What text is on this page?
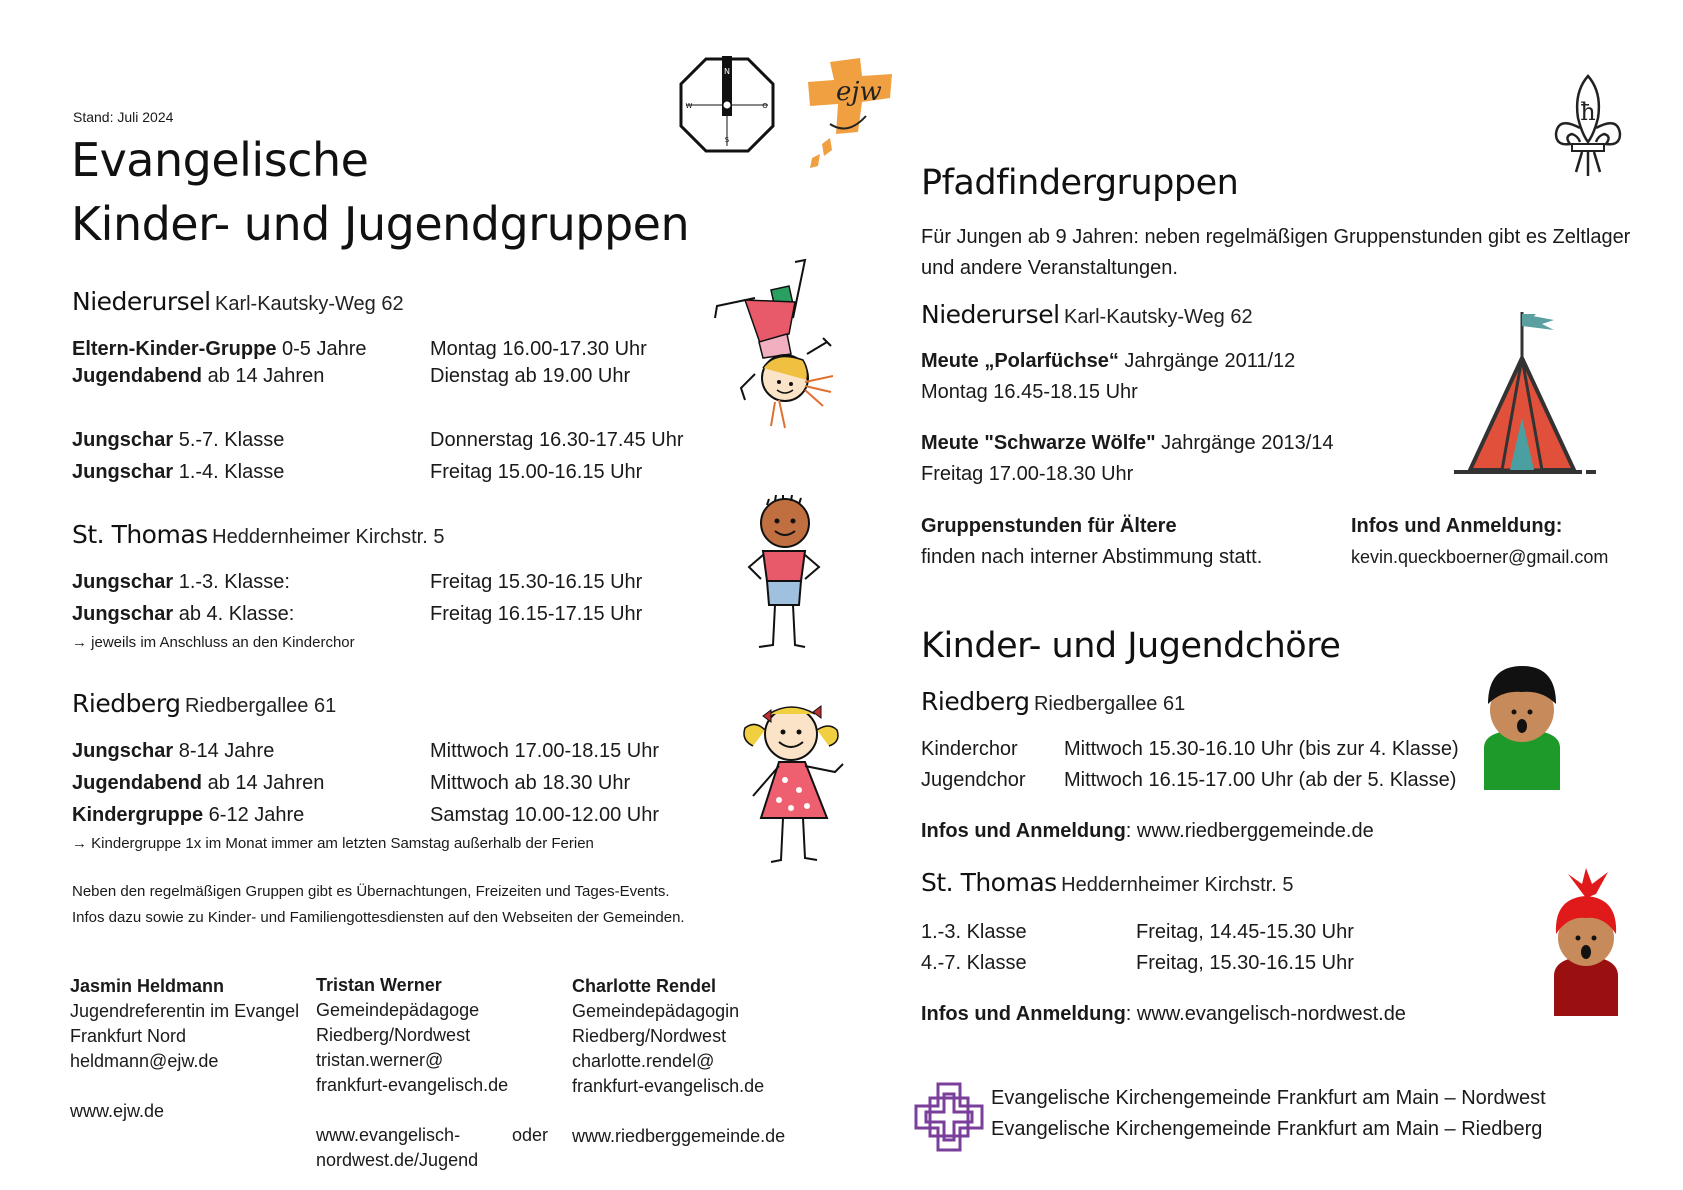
Stand: Juli 2024
Evangelische
Kinder- und Jugendgruppen
N
S
W	O	ejw
Niederursel Karl-Kautsky-Weg 62
Eltern-Kinder-Gruppe 0-5 Jahre	Montag 16.00-17.30 Uhr
Jugendabend ab 14 Jahren	Dienstag ab 19.00 Uhr
Jungschar 5.-7. Klasse	Donnerstag 16.30-17.45 Uhr
Jungschar 1.-4. Klasse	Freitag 15.00-16.15 Uhr
St. Thomas Heddernheimer Kirchstr. 5
Jungschar 1.-3. Klasse:	Freitag 15.30-16.15 Uhr
Jungschar ab 4. Klasse:	Freitag 16.15-17.15 Uhr
→ jeweils im Anschluss an den Kinderchor
Riedberg Riedbergallee 61
Jungschar 8-14 Jahre	Mittwoch 17.00-18.15 Uhr
Jugendabend ab 14 Jahren	Mittwoch ab 18.30 Uhr
Kindergruppe 6-12 Jahre	Samstag 10.00-12.00 Uhr
→ Kindergruppe 1x im Monat immer am letzten Samstag außerhalb der Ferien
Neben den regelmäßigen Gruppen gibt es Übernachtungen, Freizeiten und Tages-Events.
Infos dazu sowie zu Kinder- und Familiengottesdiensten auf den Webseiten der Gemeinden.
Jasmin Heldmann
Jugendreferentin im Evangel
Frankfurt Nord
heldmann@ejw.de
www.ejw.de
Tristan Werner
Gemeindepädagoge
Riedberg/Nordwest
tristan.werner@
frankfurt-evangelisch.de
www.evangelisch-	oder
nordwest.de/Jugend
Charlotte Rendel
Gemeindepädagogin
Riedberg/Nordwest
charlotte.rendel@
frankfurt-evangelisch.de
www.riedberggemeinde.de
ħ
Pfadfindergruppen
Für Jungen ab 9 Jahren: neben regelmäßigen Gruppenstunden gibt es Zeltlager
und andere Veranstaltungen.
Niederursel Karl-Kautsky-Weg 62
Meute „Polarfüchse“ Jahrgänge 2011/12
Montag 16.45-18.15 Uhr
Meute "Schwarze Wölfe" Jahrgänge 2013/14
Freitag 17.00-18.30 Uhr
Gruppenstunden für Ältere
finden nach interner Abstimmung statt.
Infos und Anmeldung:
kevin.queckboerner@gmail.com
Kinder- und Jugendchöre
Riedberg Riedbergallee 61
Kinderchor Mittwoch 15.30-16.10 Uhr (bis zur 4. Klasse)
Jugendchor Mittwoch 16.15-17.00 Uhr (ab der 5. Klasse)
Infos und Anmeldung: www.riedberggemeinde.de
St. Thomas Heddernheimer Kirchstr. 5
1.-3. Klasse	Freitag, 14.45-15.30 Uhr
4.-7. Klasse	Freitag, 15.30-16.15 Uhr
Infos und Anmeldung: www.evangelisch-nordwest.de
Evangelische Kirchengemeinde Frankfurt am Main – Nordwest
Evangelische Kirchengemeinde Frankfurt am Main – Riedberg
